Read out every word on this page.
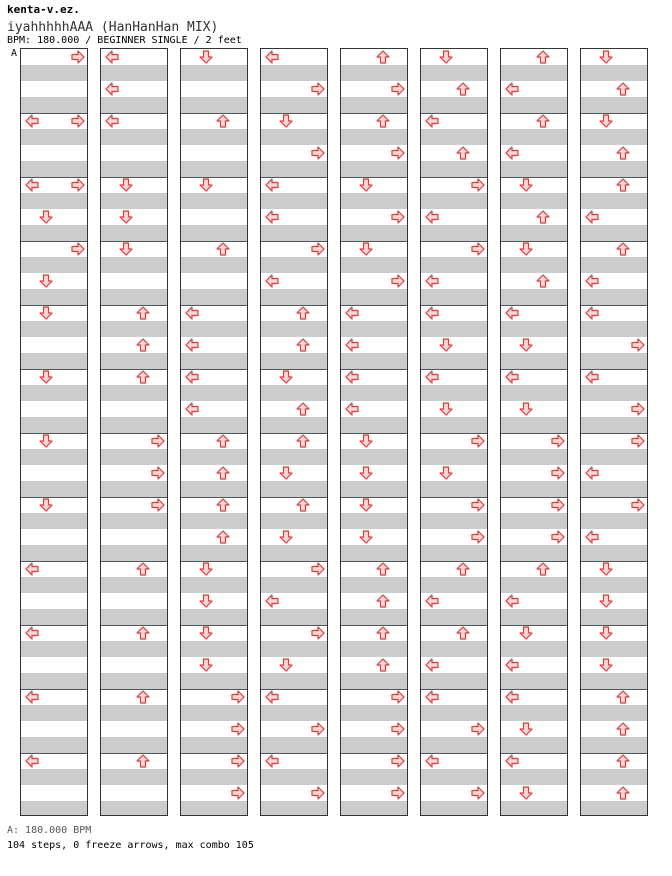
kenta-v.ez.
iyahhhhhAAA (HanHanHan MIX)
BPM: 180.000 / BEGINNER SINGLE / 2 feet
A
A: 180.000 BPM
104 steps, 0 freeze arrows, max combo 105
